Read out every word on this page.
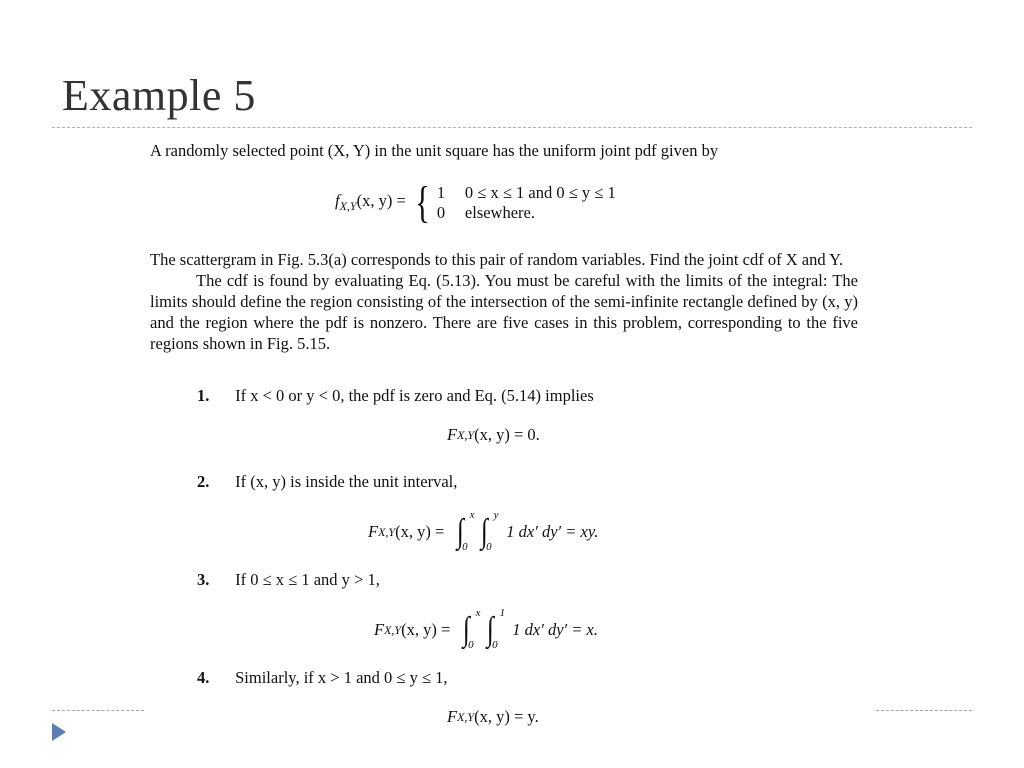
Example 5

A randomly selected point (X, Y) in the unit square has the uniform joint pdf given by

$f_{X,Y}(x$, y) = { 1	0 ≤ x ≤ 1 and 0 ≤ y ≤ 1
0	elsewhere.

The scattergram in Fig. 5.3(a) corresponds to this pair of random variables. Find the joint cdf of X and Y.

The cdf is found by evaluating Eq. (5.13). You must be careful with the limits of the integral: The limits should define the region consisting of the intersection of the semi-infinite rectangle defined by (x, y) and the region where the pdf is nonzero. There are five cases in this problem, corresponding to the five regions shown in Fig. 5.15.

1. If x < 0 or y < 0, the pdf is zero and Eq. (5.14) implies
F X,Y (x, y) = 0.
2. If (x, y) is inside the unit interval,
F X,Y (x, y) = ∫ x
0 ∫ y
0
1 dx′ dy′ = xy.
3. If 0 ≤ x ≤ 1 and y > 1,
F X,Y (x, y) = ∫ x
0 ∫ 1
0
1 dx′ dy′ = x.
4. Similarly, if x > 1 and 0 ≤ y ≤ 1,
F X,Y (x, y) = y.
